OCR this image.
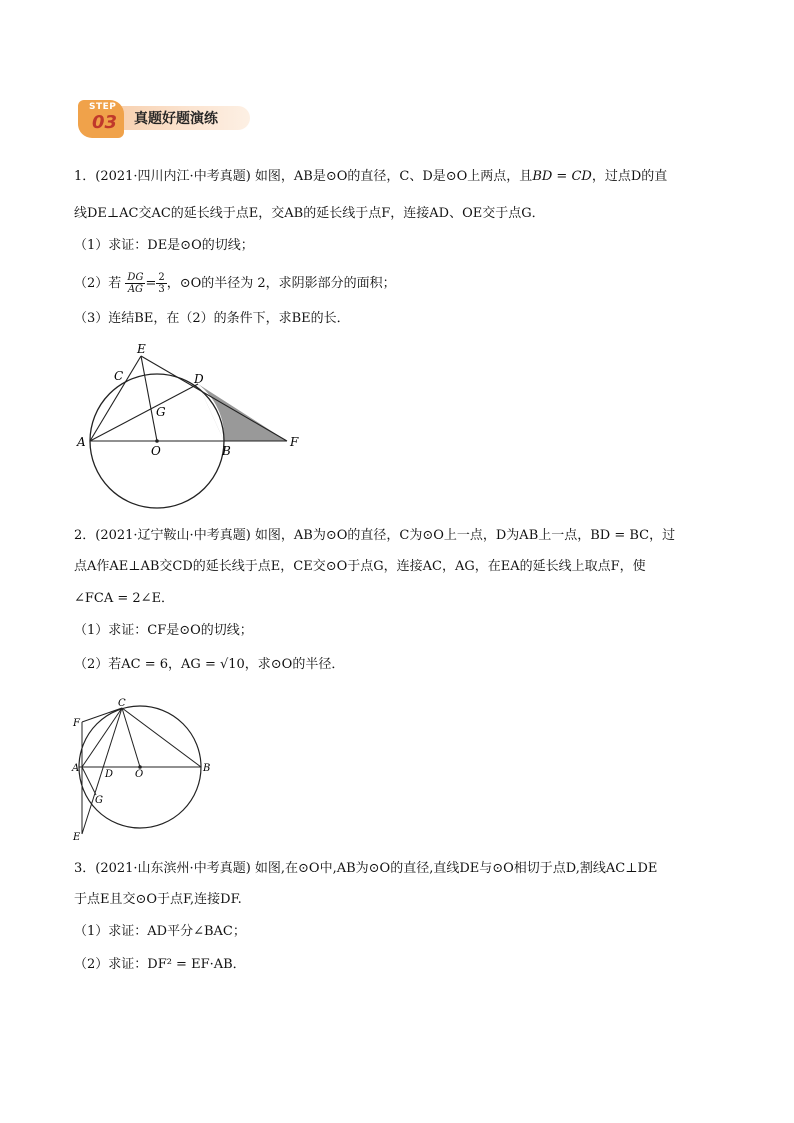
STEP
03 真题好题演练
1．(2021·四川内江·中考真题) 如图，AB是⊙O的直径，C、D是⊙O上两点，且BD = CD，过点D的直
线DE⊥AC交AC的延长线于点E，交AB的延长线于点F，连接AD、OE交于点G．
（1）求证：DE是⊙O的切线；
（2）若 $\frac{DG}{AG} = \frac{2}{3}$ ，⊙O的半径为 2，求阴影部分的面积；
（3）连结BE，在（2）的条件下，求BE的长．
E
C	D
G
A
O	B
F
2．(2021·辽宁鞍山·中考真题) 如图，AB为⊙O的直径，C为⊙O上一点，D为AB上一点，BD = BC，过
点A作AE⊥AB交CD的延长线于点E，CE交⊙O于点G，连接AC，AG，在EA的延长线上取点F，使
∠FCA = 2∠E．
（1）求证：CF是⊙O的切线；
（2）若AC = 6，AG = √10，求⊙O的半径．
F
C
A
D O
B
G
E
3．(2021·山东滨州·中考真题) 如图,在⊙O中,AB为⊙O的直径,直线DE与⊙O相切于点D,割线AC⊥DE
于点E且交⊙O于点F,连接DF.
（1）求证：AD平分∠BAC；
（2）求证：DF² = EF·AB．
